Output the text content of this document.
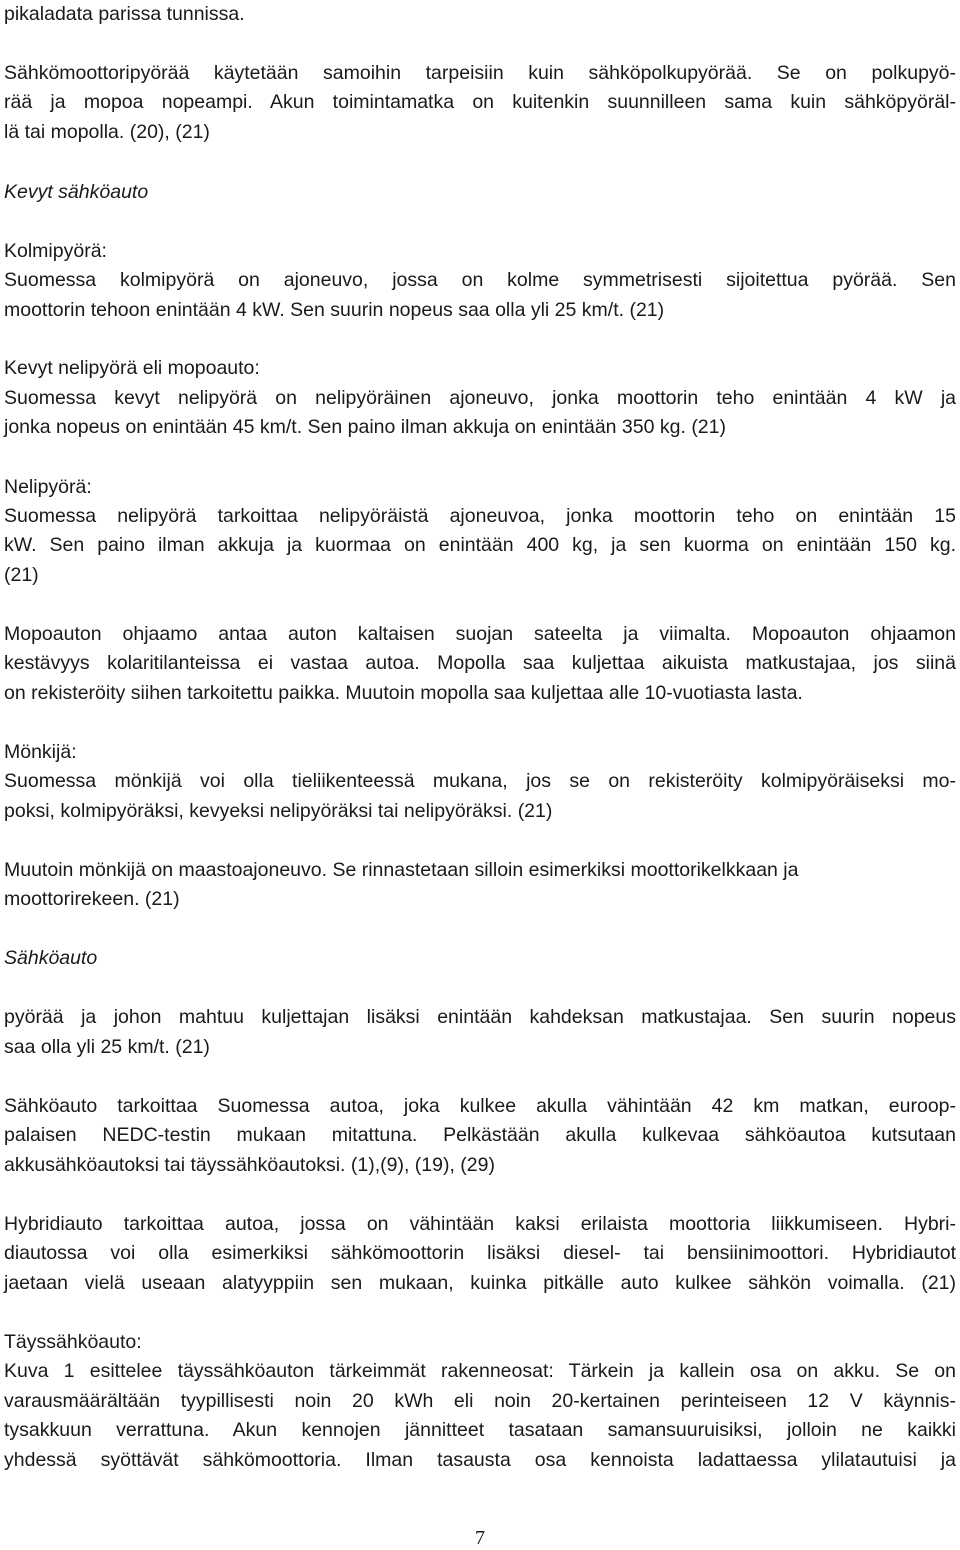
pikaladata parissa tunnissa.
Sähkömoottoripyörää käytetään samoihin tarpeisiin kuin sähköpolkupyörää. Se on polkupyö-
rää ja mopoa nopeampi. Akun toimintamatka on kuitenkin suunnilleen sama kuin sähköpyöräl-
lä tai mopolla. (20), (21)
Kevyt sähköauto
Kolmipyörä:
Suomessa kolmipyörä on ajoneuvo, jossa on kolme symmetrisesti sijoitettua pyörää. Sen
moottorin tehoon enintään 4 kW. Sen suurin nopeus saa olla yli 25 km/t. (21)
Kevyt nelipyörä eli mopoauto:
Suomessa kevyt nelipyörä on nelipyöräinen ajoneuvo, jonka moottorin teho enintään 4 kW ja
jonka nopeus on enintään 45 km/t. Sen paino ilman akkuja on enintään 350 kg. (21)
Nelipyörä:
Suomessa nelipyörä tarkoittaa nelipyöräistä ajoneuvoa, jonka moottorin teho on enintään 15
kW. Sen paino ilman akkuja ja kuormaa on enintään 400 kg, ja sen kuorma on enintään 150 kg.
(21)
Mopoauton ohjaamo antaa auton kaltaisen suojan sateelta ja viimalta. Mopoauton ohjaamon
kestävyys kolaritilanteissa ei vastaa autoa. Mopolla saa kuljettaa aikuista matkustajaa, jos siinä
on rekisteröity siihen tarkoitettu paikka. Muutoin mopolla saa kuljettaa alle 10-vuotiasta lasta.
Mönkijä:
Suomessa mönkijä voi olla tieliikenteessä mukana, jos se on rekisteröity kolmipyöräiseksi mo-
poksi, kolmipyöräksi, kevyeksi nelipyöräksi tai nelipyöräksi. (21)
Muutoin mönkijä on maastoajoneuvo. Se rinnastetaan silloin esimerkiksi moottorikelkkaan ja
moottorirekeen. (21)
Sähköauto
pyörää ja johon mahtuu kuljettajan lisäksi enintään kahdeksan matkustajaa. Sen suurin nopeus
saa olla yli 25 km/t. (21)
Sähköauto tarkoittaa Suomessa autoa, joka kulkee akulla vähintään 42 km matkan, euroop-
palaisen NEDC-testin mukaan mitattuna. Pelkästään akulla kulkevaa sähköautoa kutsutaan
akkusähköautoksi tai täyssähköautoksi. (1),(9), (19), (29)
Hybridiauto tarkoittaa autoa, jossa on vähintään kaksi erilaista moottoria liikkumiseen. Hybri-
diautossa voi olla esimerkiksi sähkömoottorin lisäksi diesel- tai bensiinimoottori. Hybridiautot
jaetaan vielä useaan alatyyppiin sen mukaan, kuinka pitkälle auto kulkee sähkön voimalla. (21)
Täyssähköauto:
Kuva 1 esittelee täyssähköauton tärkeimmät rakenneosat: Tärkein ja kallein osa on akku. Se on
varausmäärältään tyypillisesti noin 20 kWh eli noin 20-kertainen perinteiseen 12 V käynnis-
tysakkuun verrattuna. Akun kennojen jännitteet tasataan samansuuruisiksi, jolloin ne kaikki
yhdessä syöttävät sähkömoottoria. Ilman tasausta osa kennoista ladattaessa ylilatautuisi ja
7
